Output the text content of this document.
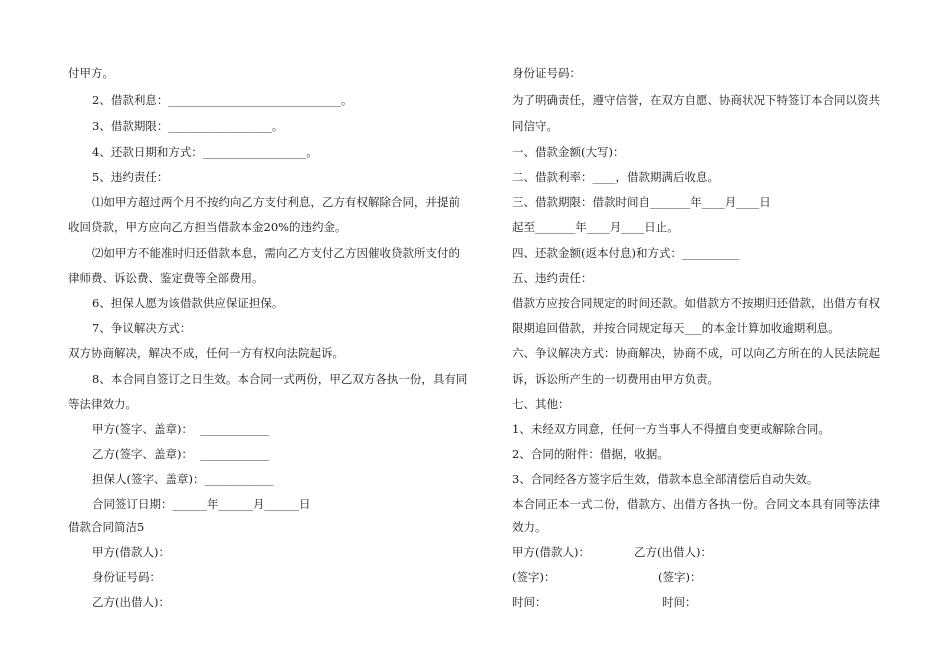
付甲方。
2、借款利息：______________________________。
3、借款期限：__________________。
4、还款日期和方式：__________________。
5、违约责任：
⑴如甲方超过两个月不按约向乙方支付利息，乙方有权解除合同，并提前
收回贷款，甲方应向乙方担当借款本金20%的违约金。
⑵如甲方不能准时归还借款本息，需向乙方支付乙方因催收贷款所支付的
律师费、诉讼费、鉴定费等全部费用。
6、担保人愿为该借款供应保证担保。
7、争议解决方式：
双方协商解决，解决不成，任何一方有权向法院起诉。
8、本合同自签订之日生效。本合同一式两份，甲乙双方各执一份，具有同
等法律效力。
甲方(签字、盖章)：  ____________
乙方(签字、盖章)：  ____________
担保人(签字、盖章)：____________
合同签订日期：______年______月______日
借款合同简洁5
甲方(借款人)：
身份证号码：
乙方(出借人)：
身份证号码：
为了明确责任，遵守信誉，在双方自愿、协商状况下特签订本合同以资共
同信守。
一、借款金额(大写)：
二、借款利率：____，借款期满后收息。
三、借款期限：借款时间自_______年____月____日
起至_______年____月____日止。
四、还款金额(返本付息)和方式：__________
五、违约责任：
借款方应按合同规定的时间还款。如借款方不按期归还借款，出借方有权
限期追回借款，并按合同规定每天___的本金计算加收逾期利息。
六、争议解决方式：协商解决，协商不成，可以向乙方所在的人民法院起
诉，诉讼所产生的一切费用由甲方负责。
七、其他：
1、未经双方同意，任何一方当事人不得擅自变更或解除合同。
2、合同的附件：借据，收据。
3、合同经各方签字后生效，借款本息全部清偿后自动失效。
本合同正本一式二份，借款方、出借方各执一份。合同文本具有同等法律
效力。
甲方(借款人)：
(签字)：
时间：
乙方(出借人)：
(签字)：
时间：
